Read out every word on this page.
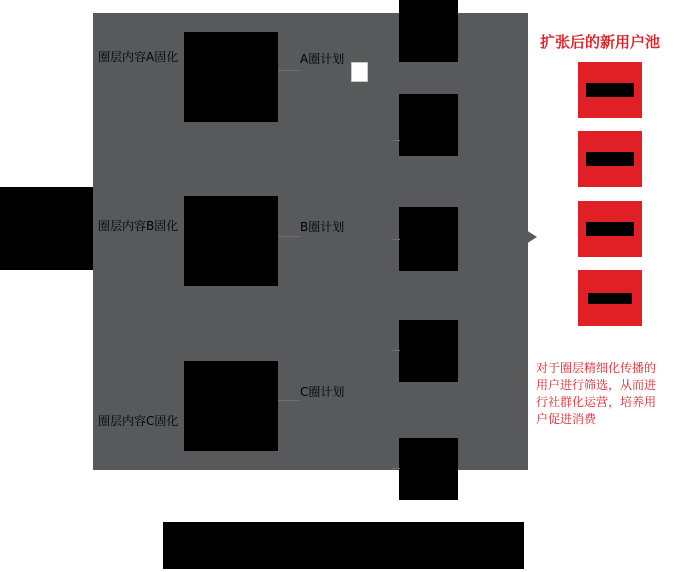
圈层内容A固化	A圈计划
圈层内容B固化	B圈计划
圈层内容C固化
C圈计划
扩张后的新用户池
对于圈层精细化传播的用户进行筛选，从而进行社群化运营，培养用户促进消费
